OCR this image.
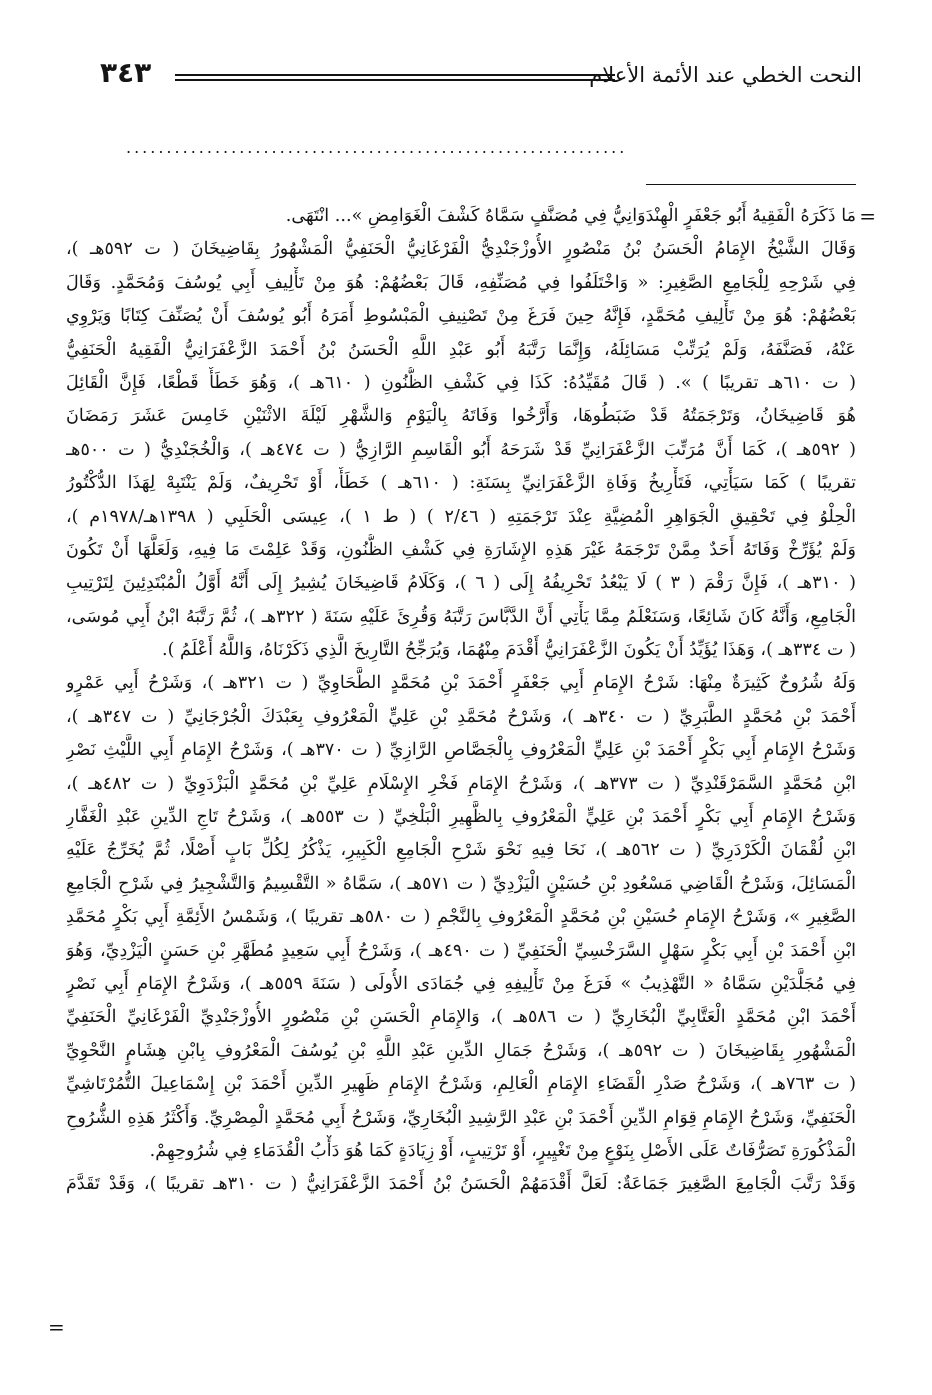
النحت الخطي عند الأئمة الأعلام
٣٤٣
..............................................................
=
مَا ذَكَرَهُ الْفَقِيهُ أَبُو جَعْفَرٍ الْهِنْدَوَانِيُّ فِي مُصَنَّفٍ سَمَّاهُ كَشْفَ الْغَوَامِضِ »... انْتَهَى.
وَقَالَ الشَّيْخُ الإِمَامُ الْحَسَنُ بْنُ مَنْصُورٍ الأُوزْجَنْدِيُّ الْفَرْغَانِيُّ الْحَنَفِيُّ الْمَشْهُورُ بِقَاضِيخَانَ ( ت ٥٩٢هـ )،
فِي شَرْحِهِ لِلْجَامِعِ الصَّغِيرِ: « وَاخْتَلَفُوا فِي مُصَنِّفِهِ، قَالَ بَعْضُهُمْ: هُوَ مِنْ تَأْلِيفِ أَبِي يُوسُفَ وَمُحَمَّدٍ. وَقَالَ
بَعْضُهُمْ: هُوَ مِنْ تَأْلِيفِ مُحَمَّدٍ، فَإِنَّهُ حِينَ فَرَغَ مِنْ تَصْنِيفِ الْمَبْسُوطِ أَمَرَهُ أَبُو يُوسُفَ أَنْ يُصَنِّفَ كِتَابًا وَيَرْوِي
عَنْهُ، فَصَنَّفَهُ، وَلَمْ يُرَتِّبْ مَسَائِلَهُ، وَإِنَّمَا رَتَّبَهُ أَبُو عَبْدِ اللَّهِ الْحَسَنُ بْنُ أَحْمَدَ الزَّعْفَرَانِيُّ الْفَقِيهُ الْحَنَفِيُّ
( ت ٦١٠هـ تقريبًا ) ». ( قَالَ مُقَيِّدُهُ: كَذَا فِي كَشْفِ الظُّنُونِ ( ٦١٠هـ )، وَهُوَ خَطَأٌ قَطْعًا، فَإِنَّ الْقَائِلَ
هُوَ قَاضِيخَانُ، وَتَرْجَمَتُهُ قَدْ ضَبَطُوهَا، وَأَرَّخُوا وَفَاتَهُ بِالْيَوْمِ وَالشَّهْرِ لَيْلَةَ الاثْنَيْنِ خَامِسَ عَشَرَ رَمَضَانَ
( ٥٩٢هـ )، كَمَا أَنَّ مُرَتِّبَ الزَّعْفَرَانِيِّ قَدْ شَرَحَهُ أَبُو الْقَاسِمِ الرَّازِيُّ ( ت ٤٧٤هـ )، وَالْخُجَنْدِيُّ ( ت ٥٠٠هـ
تقريبًا ) كَمَا سَيَأْتِي، فَتَأْرِيخُ وَفَاةِ الزَّعْفَرَانِيِّ بِسَنَةِ: ( ٦١٠هـ ) خَطَأٌ، أَوْ تَحْرِيفٌ، وَلَمْ يَنْتَبِهْ لِهَذَا الدُّكْتُورُ
الْحِلْوُ فِي تَحْقِيقِ الْجَوَاهِرِ الْمُضِيَّةِ عِنْدَ تَرْجَمَتِهِ ( ٢/٤٦ ) ( ط ١ )، عِيسَى الْحَلَبِي ( ١٣٩٨هـ/١٩٧٨م )،
وَلَمْ يُؤَرِّخْ وَفَاتَهُ أَحَدٌ مِمَّنْ تَرْجَمَهُ غَيْرَ هَذِهِ الإِشَارَةِ فِي كَشْفِ الظُّنُونِ، وَقَدْ عَلِمْتَ مَا فِيهِ، وَلَعَلَّهَا أَنْ تَكُونَ
( ٣١٠هـ )، فَإِنَّ رَقْمَ ( ٣ ) لَا يَبْعُدُ تَحْرِيفُهُ إِلَى ( ٦ )، وَكَلَامُ قَاضِيخَانَ يُشِيرُ إِلَى أَنَّهُ أَوَّلُ الْمُبْتَدِئِينَ لِتَرْتِيبِ
الْجَامِعِ، وَأَنَّهُ كَانَ شَائِعًا، وَسَنَعْلَمُ مِمَّا يَأْتِي أَنَّ الدَّبَّاسَ رَتَّبَهُ وَقُرِئَ عَلَيْهِ سَنَةَ ( ٣٢٢هـ )، ثُمَّ رَتَّبَهُ ابْنُ أَبِي مُوسَى،
( ت ٣٣٤هـ )، وَهَذَا يُؤَيِّدُ أَنْ يَكُونَ الزَّعْفَرَانِيُّ أَقْدَمَ مِنْهُمَا، وَيُرَجِّحُ التَّارِيخَ الَّذِي ذَكَرْنَاهُ، وَاللَّهُ أَعْلَمُ ).
وَلَهُ شُرُوحٌ كَثِيرَةٌ مِنْهَا: شَرْحُ الإِمَامِ أَبِي جَعْفَرٍ أَحْمَدَ بْنِ مُحَمَّدٍ الطَّحَاوِيِّ ( ت ٣٢١هـ )، وَشَرْحُ أَبِي عَمْرٍو
أَحْمَدَ بْنِ مُحَمَّدٍ الطَّبَرِيِّ ( ت ٣٤٠هـ )، وَشَرْحُ مُحَمَّدِ بْنِ عَلِيٍّ الْمَعْرُوفِ بِعَبْدَكَ الْجُرْجَانِيِّ ( ت ٣٤٧هـ )،
وَشَرْحُ الإِمَامِ أَبِي بَكْرٍ أَحْمَدَ بْنِ عَلِيٍّ الْمَعْرُوفِ بِالْجَصَّاصِ الرَّازِيِّ ( ت ٣٧٠هـ )، وَشَرْحُ الإِمَامِ أَبِي اللَّيْثِ نَصْرِ
ابْنِ مُحَمَّدٍ السَّمَرْقَنْدِيِّ ( ت ٣٧٣هـ )، وَشَرْحُ الإِمَامِ فَخْرِ الإِسْلَامِ عَلِيِّ بْنِ مُحَمَّدٍ الْبَزْدَوِيِّ ( ت ٤٨٢هـ )،
وَشَرْحُ الإِمَامِ أَبِي بَكْرٍ أَحْمَدَ بْنِ عَلِيٍّ الْمَعْرُوفِ بِالظَّهِيرِ الْبَلْخِيِّ ( ت ٥٥٣هـ )، وَشَرْحُ تَاجِ الدِّينِ عَبْدِ الْغَفَّارِ
ابْنِ لُقْمَانَ الْكَرْدَرِيِّ ( ت ٥٦٢هـ )، نَحَا فِيهِ نَحْوَ شَرْحِ الْجَامِعِ الْكَبِيرِ، يَذْكُرُ لِكُلِّ بَابٍ أَصْلًا، ثُمَّ يُخَرِّجُ عَلَيْهِ
الْمَسَائِلَ، وَشَرْحُ الْقَاضِي مَسْعُودِ بْنِ حُسَيْنٍ الْيَزْدِيِّ ( ت ٥٧١هـ )، سَمَّاهُ « التَّقْسِيمُ وَالتَّشْجِيرُ فِي شَرْحِ الْجَامِعِ
الصَّغِيرِ »، وَشَرْحُ الإِمَامِ حُسَيْنِ بْنِ مُحَمَّدٍ الْمَعْرُوفِ بِالنَّجْمِ ( ت ٥٨٠هـ تقريبًا )، وَشَمْسُ الأَئِمَّةِ أَبِي بَكْرٍ مُحَمَّدِ
ابْنِ أَحْمَدَ بْنِ أَبِي بَكْرٍ سَهْلٍ السَّرَخْسِيِّ الْحَنَفِيِّ ( ت ٤٩٠هـ )، وَشَرْحُ أَبِي سَعِيدٍ مُطَهَّرِ بْنِ حَسَنٍ الْيَزْدِيِّ، وَهُوَ
فِي مُجَلَّدَيْنِ سَمَّاهُ « التَّهْذِيبُ » فَرَغَ مِنْ تَأْلِيفِهِ فِي جُمَادَى الأُولَى ( سَنَةَ ٥٥٩هـ )، وَشَرْحُ الإِمَامِ أَبِي نَصْرٍ
أَحْمَدَ ابْنِ مُحَمَّدٍ الْعَتَّابِيِّ الْبُخَارِيِّ ( ت ٥٨٦هـ )، وَالإِمَامِ الْحَسَنِ بْنِ مَنْصُورٍ الأُوزْجَنْدِيِّ الْفَرْغَانِيِّ الْحَنَفِيِّ
الْمَشْهُورِ بِقَاضِيخَانَ ( ت ٥٩٢هـ )، وَشَرْحُ جَمَالِ الدِّينِ عَبْدِ اللَّهِ بْنِ يُوسُفَ الْمَعْرُوفِ بِابْنِ هِشَامٍ النَّحْوِيِّ
( ت ٧٦٣هـ )، وَشَرْحُ صَدْرِ الْقَضَاءِ الإِمَامِ الْعَالِمِ، وَشَرْحُ الإِمَامِ ظَهِيرِ الدِّينِ أَحْمَدَ بْنِ إِسْمَاعِيلَ التُّمُرْتَاشِيِّ
الْحَنَفِيِّ، وَشَرْحُ الإِمَامِ قِوَامِ الدِّينِ أَحْمَدَ بْنِ عَبْدِ الرَّشِيدِ الْبُخَارِيِّ، وَشَرْحُ أَبِي مُحَمَّدٍ الْمِصْرِيِّ. وَأَكْثَرُ هَذِهِ الشُّرُوحِ
الْمَذْكُورَةِ تَصَرُّفَاتٌ عَلَى الأَصْلِ بِنَوْعٍ مِنْ تَغْيِيرٍ، أَوْ تَرْتِيبٍ، أَوْ زِيَادَةٍ كَمَا هُوَ دَأْبُ الْقُدَمَاءِ فِي شُرُوحِهِمْ.
وَقَدْ رَتَّبَ الْجَامِعَ الصَّغِيرَ جَمَاعَةٌ: لَعَلَّ أَقْدَمَهُمْ الْحَسَنُ بْنُ أَحْمَدَ الزَّعْفَرَانِيُّ ( ت ٣١٠هـ تقريبًا )، وَقَدْ تَقَدَّمَ
=
